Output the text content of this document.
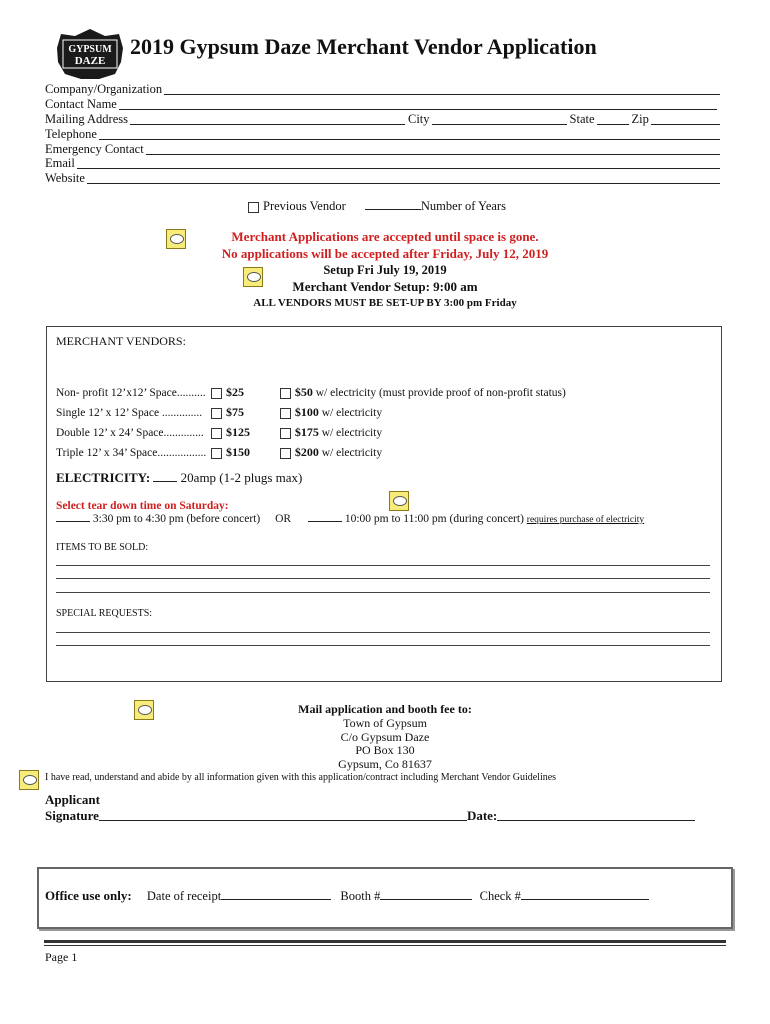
GYPSUM
DAZE
2019 Gypsum Daze Merchant Vendor Application
Company/Organization
Contact Name
Mailing Address	City	State	Zip
Telephone
Emergency Contact
Email
Website
Previous Vendor	Number of Years
Merchant Applications are accepted until space is gone.
No applications will be accepted after Friday, July 12, 2019
Setup Fri July 19, 2019
Merchant Vendor Setup: 9:00 am
ALL VENDORS MUST BE SET-UP BY 3:00 pm Friday
MERCHANT VENDORS:
Non- profit 12’x12’ Space.......... $25	$50 w/ electricity (must provide proof of non-profit status)
Single 12’ x 12’ Space .............. $75	$100 w/ electricity
Double 12’ x 24’ Space.............. $125	$175 w/ electricity
Triple 12’ x 34’ Space................. $150	$200 w/ electricity
ELECTRICITY: 20amp (1-2 plugs max)
Select tear down time on Saturday:
3:30 pm to 4:30 pm (before concert) OR	10:00 pm to 11:00 pm (during concert) requires purchase of electricity
ITEMS TO BE SOLD:
SPECIAL REQUESTS:
Mail application and booth fee to:
Town of Gypsum
C/o Gypsum Daze
PO Box 130
Gypsum, Co 81637
I have read, understand and abide by all information given with this application/contract including Merchant Vendor Guidelines
Applicant
Signature	Date:
Office use only: Date of receipt	Booth #	Check #
Page 1
